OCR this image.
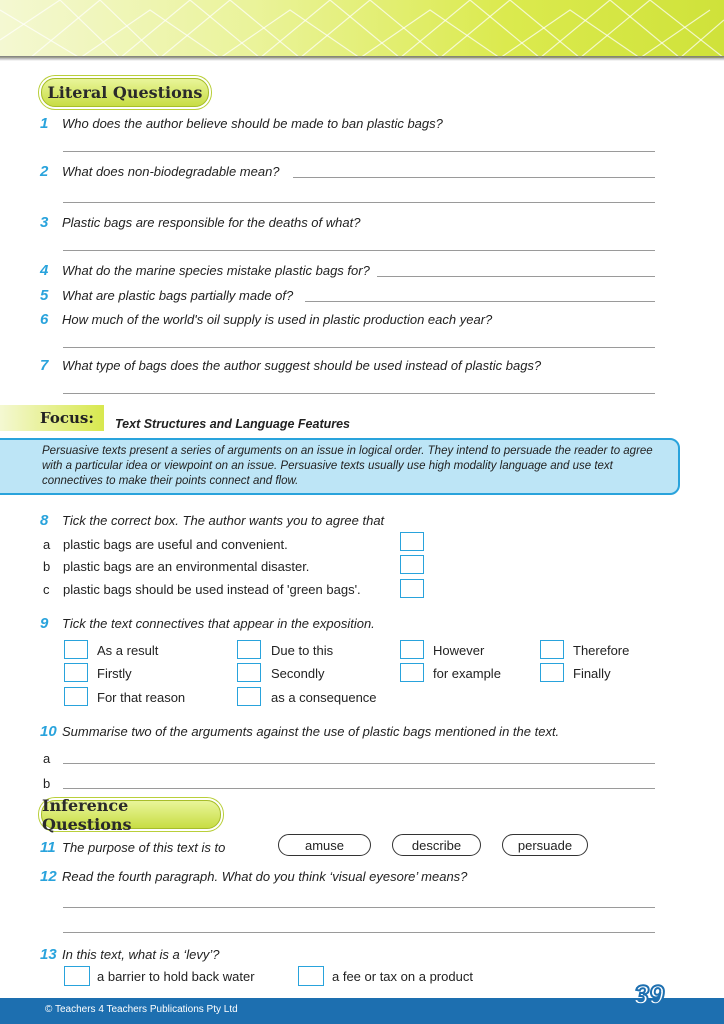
Literal Questions
1 Who does the author believe should be made to ban plastic bags?
2 What does non-biodegradable mean?
3 Plastic bags are responsible for the deaths of what?
4 What do the marine species mistake plastic bags for?
5 What are plastic bags partially made of?
6 How much of the world's oil supply is used in plastic production each year?
7 What type of bags does the author suggest should be used instead of plastic bags?
Focus:	Text Structures and Language Features
Persuasive texts present a series of arguments on an issue in logical order. They intend to persuade the reader to agree with a particular idea or viewpoint on an issue. Persuasive texts usually use high modality language and use text connectives to make their points connect and flow.
8 Tick the correct box. The author wants you to agree that
a plastic bags are useful and convenient.
b plastic bags are an environmental disaster.
c plastic bags should be used instead of 'green bags'.
9 Tick the text connectives that appear in the exposition.
As a result	Due to this	However	Therefore
Firstly	Secondly	for example	Finally
For that reason	as a consequence
10 Summarise two of the arguments against the use of plastic bags mentioned in the text.
a
b
Inference Questions
11 The purpose of this text is to	amuse	describe	persuade
12 Read the fourth paragraph. What do you think ‘visual eyesore’ means?
13 In this text, what is a ‘levy’?
a barrier to hold back water	a fee or tax on a product
© Teachers 4 Teachers Publications Pty Ltd	39
